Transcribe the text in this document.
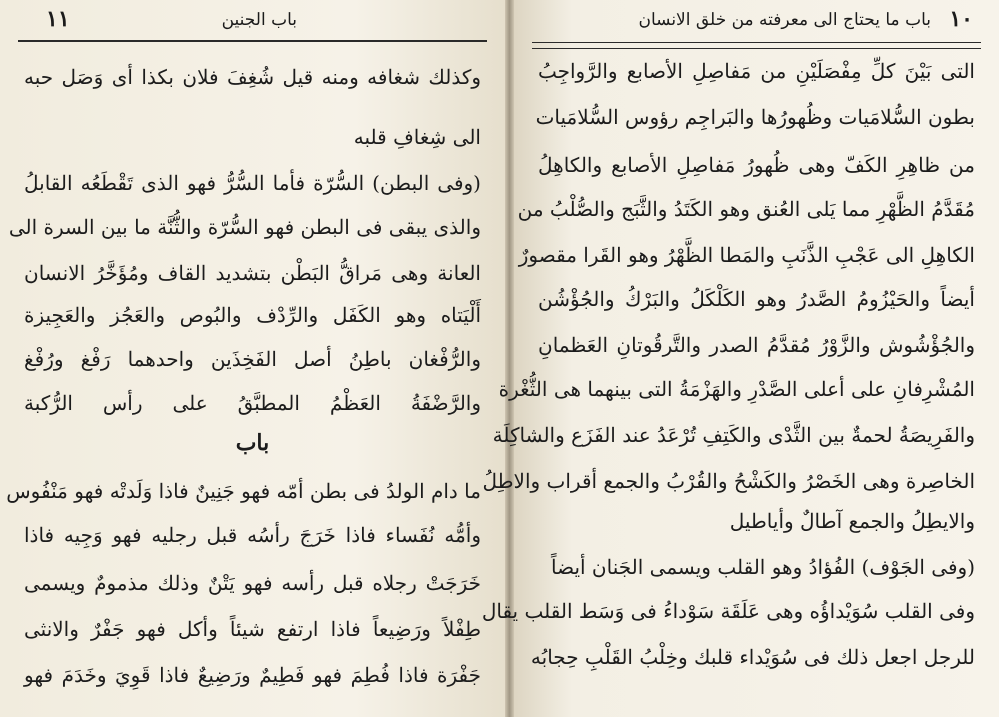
١١	باب الجنين
وكذلك شغافه ومنه قيل شُغِفَ فلان بكذا أى وَصَل حبه
الى شِغافِ قلبه
(وفى البطن) السُّرّة فأما السُّرُّ فهو الذى تَقْطَعُه القابلُ
والذى يبقى فى البطن فهو السُّرّة والثُّنَّة ما بين السرة الى
العانة وهى مَراقُّ البَطْن بتشديد القاف ومُؤَخَّرُ الانسان
أَلْيَتاه وهو الكَفَل والرِّدْف والبُوص والعَجُز والعَجِيزة
والرُّفْغان باطِنُ أصل الفَخِذَين واحدهما رَفْغ ورُفْغ
والرَّضْفَةُ العَظْمُ المطبَّقُ على رأس الرُّكبة
باب
ما دام الولدُ فى بطن أمّه فهو جَنِينٌ فاذا وَلَدتْه فهو مَنْفُوس
وأمُّه نُفَساء فاذا خَرَجَ رأسُه قبل رجليه فهو وَجِيه فاذا
خَرَجَتْ رجلاه قبل رأسه فهو يَتْنٌ وذلك مذمومٌ ويسمى
طِفْلاً ورَضِيعاً فاذا ارتفع شيئاً وأكل فهو جَفْرٌ والانثى
جَفْرَة فاذا فُطِمَ فهو فَطِيمٌ ورَضِيعٌ فاذا قَوِيَ وخَدَمَ فهو
باب ما يحتاج الى معرفته من خلق الانسان ١٠
التى بَيْنَ كلِّ مِفْصَلَيْنِ من مَفاصِلِ الأصابع والرَّواجِبُ
بطون السُّلامَيات وظُهورُها والبَراجِم رؤوس السُّلامَيات
من ظاهِرِ الكَفّ وهى ظُهورُ مَفاصِلِ الأصابع والكاهِلُ
مُقَدَّمُ الظَّهْرِ مما يَلى العُنق وهو الكَتَدُ والثَّبَج والصُّلْبُ من
الكاهِلِ الى عَجْبِ الذَّنَبِ والمَطا الظَّهْرُ وهو القَرا مقصورٌ
أيضاً والحَيْزُومُ الصَّدرُ وهو الكَلْكَلُ والبَرْكُ والجُؤْشُن
والجُؤْشُوش والزَّوْرُ مُقدَّمُ الصدر والتَّرقُوتانِ العَظمانِ
المُشْرِفانِ على أعلى الصَّدْرِ والهَزْمَةُ التى بينهما هى الثُّغْرة
والفَرِيصَةُ لحمةٌ بين الثَّدْى والكَتِفِ تُرْعَدُ عند الفَزَع والشاكِلَة
الخاصِرة وهى الخَصْرُ والكَشْحُ والقُرْبُ والجمع أقراب والاطِلُ
والايطِلُ والجمع آطالٌ وأياطيل
(وفى الجَوْف) الفُؤادُ وهو القلب ويسمى الجَنان أيضاً
وفى القلب سُوَيْداؤُه وهى عَلَقَة سَوْداءُ فى وَسَط القلب يقال
للرجل اجعل ذلك فى سُوَيْداء قلبك وخِلْبُ القَلْبِ حِجابُه
